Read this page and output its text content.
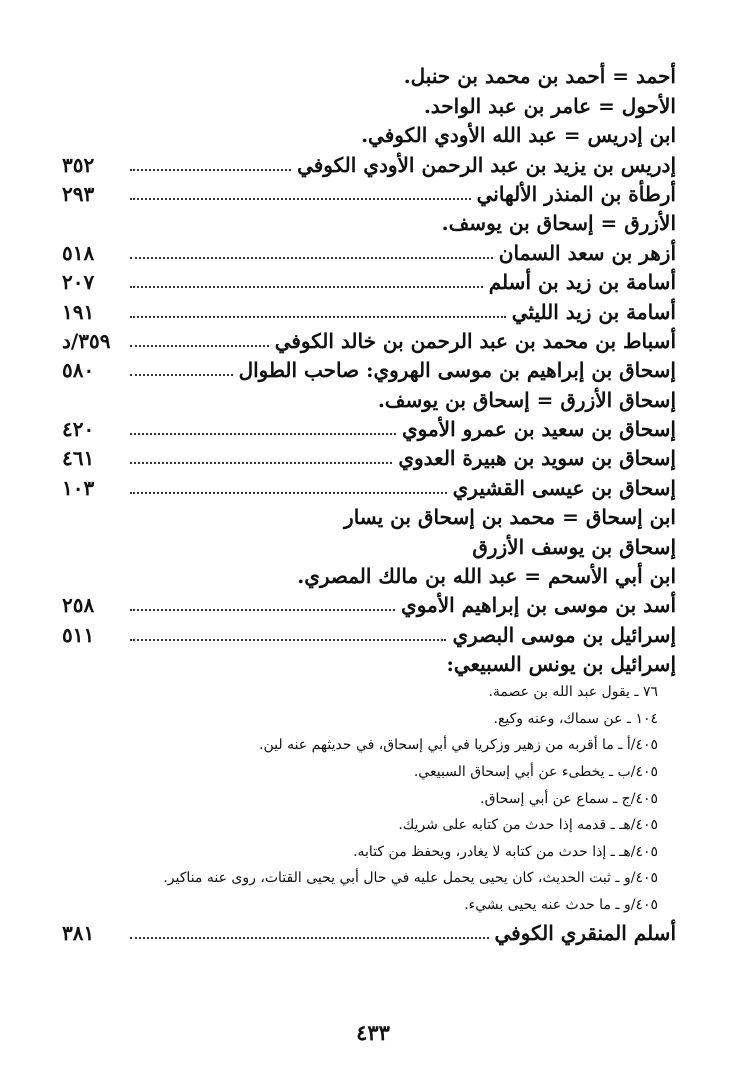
أحمد = أحمد بن محمد بن حنبل.
الأحول = عامر بن عبد الواحد.
ابن إدريس = عبد الله الأودي الكوفي.
إدريس بن يزيد بن عبد الرحمن الأودي الكوفي
٣٥٢
أرطأة بن المنذر الألهاني
٢٩٣
الأزرق = إسحاق بن يوسف.
أزهر بن سعد السمان
٥١٨
أسامة بن زيد بن أسلم
٢٠٧
أسامة بن زيد الليثي
١٩١
أسباط بن محمد بن عبد الرحمن بن خالد الكوفي
٣٥٩/د
إسحاق بن إبراهيم بن موسى الهروي: صاحب الطوال
٥٨٠
إسحاق الأزرق = إسحاق بن يوسف.
إسحاق بن سعيد بن عمرو الأموي
٤٢٠
إسحاق بن سويد بن هبيرة العدوي
٤٦١
إسحاق بن عيسى القشيري
١٠٣
ابن إسحاق = محمد بن إسحاق بن يسار
إسحاق بن يوسف الأزرق
ابن أبي الأسحم = عبد الله بن مالك المصري.
أسد بن موسى بن إبراهيم الأموي
٢٥٨
إسرائيل بن موسى البصري
٥١١
إسرائيل بن يونس السبيعي:
٧٦ ـ يقول عبد الله بن عصمة.
١٠٤ ـ عن سماك، وعنه وكيع.
٤٠٥/أ ـ ما أقربه من زهير وزكريا في أبي إسحاق، في حديثهم عنه لين.
٤٠٥/ب ـ يخطىء عن أبي إسحاق السبيعي.
٤٠٥/ج ـ سماع عن أبي إسحاق.
٤٠٥/هـ ـ قدمه إذا حدث من كتابه على شريك.
٤٠٥/هـ ـ إذا حدث من كتابه لا يغادر، ويحفظ من كتابه.
٤٠٥/و ـ ثبت الحديث، كان يحيى يحمل عليه في حال أبي يحيى القتات، روى عنه مناكير.
٤٠٥/و ـ ما حدث عنه يحيى بشيء.
أسلم المنقري الكوفي
٣٨١
٤٣٣
